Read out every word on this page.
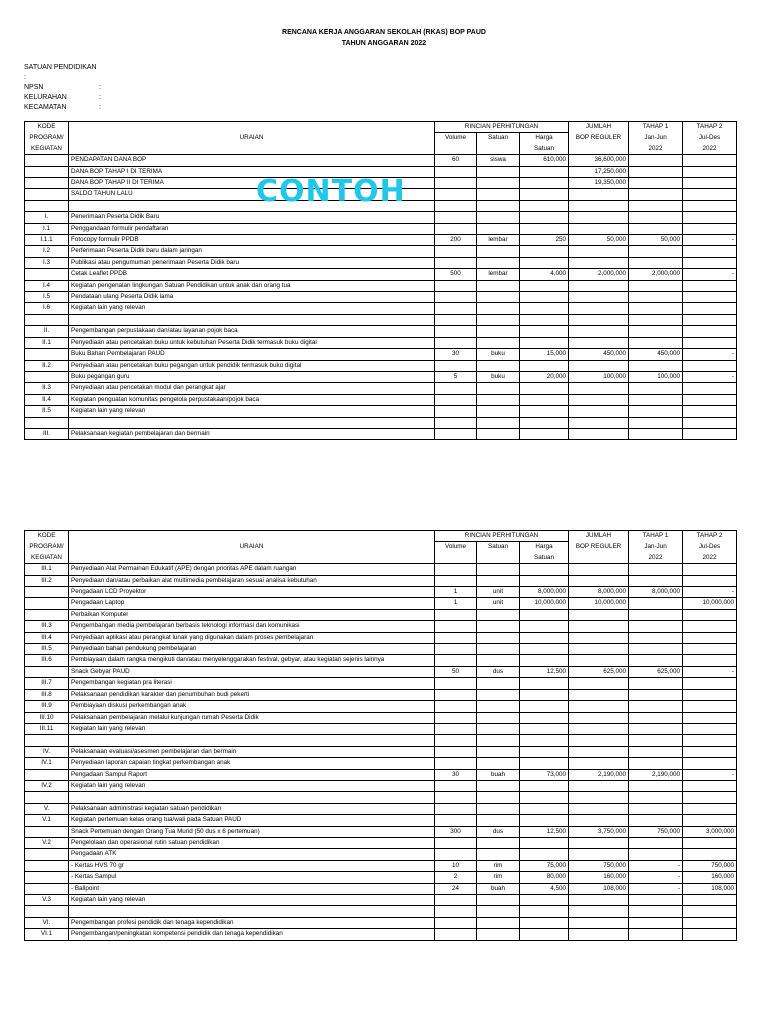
RENCANA KERJA ANGGARAN SEKOLAH (RKAS) BOP PAUD
TAHUN ANGGARAN 2022
SATUAN PENDIDIKAN :
NPSN	:
KELURAHAN	:
KECAMATAN	:
KODE		RINCIAN PERHITUNGAN			JUMLAH	TAHAP 1	TAHAP 2
PROGRAM/	URAIAN	Volume	Satuan	Harga	BOP REGULER	Jan-Jun	Jul-Des
KEGIATAN				Satuan		2022	2022
	PENDAPATAN DANA BOP	60	siswa	610,000	36,600,000		
	DANA BOP TAHAP I DI TERIMA				17,250,000		
	DANA BOP TAHAP II DI TERIMA				19,350,000		
	SALDO TAHUN LALU						

I.	Penerimaan Peserta Didik Baru						
I.1	Penggandaan formulir pendaftaran						
I.1.1	Fotocopy formulir PPDB	200	lembar	250	50,000	50,000	-
I.2	Perferimaan Peserta Didik baru dalam jaringan						
I.3	Publikasi atau pengumuman penerimaan Peserta Didik baru						
	Cetak Leaflet PPDB	500	lembar	4,000	2,000,000	2,000,000	-
I.4	Kegiatan pengenalan lingkungan Satuan Pendidikan untuk anak dan orang tua						
I.5	Pendataan ulang Peserta Didik lama						
I.6	Kegiatan lain yang relevan						

II.	Pengembangan perpustakaan dan/atau layanan pojok baca						
II.1	Penyediaan atau pencetakan buku untuk kebutuhan Peserta Didik termasuk buku digital						
	Buku Bahan Pembelajaran PAUD	30	buku	15,000	450,000	450,000	-
II.2	Penyediaan atau pencetakan buku pegangan untuk pendidik termasuk buku digital						
	Buku pegangan guru	5	buku	20,000	100,000	100,000	-
II.3	Penyediaan atau pencetakan modul dan perangkat ajar						
II.4	Kegiatan penguatan komunitas pengelola perpustakaan/pojok baca						
II.5	Kegiatan lain yang relevan						

III.	Pelaksanaan kegiatan pembelajaran dan bermain						
CONTOH
KODE		RINCIAN PERHITUNGAN			JUMLAH	TAHAP 1	TAHAP 2
PROGRAM/	URAIAN	Volume	Satuan	Harga	BOP REGULER	Jan-Jun	Jul-Des
KEGIATAN				Satuan		2022	2022
III.1	Penyediaan Alat Permainan Edukatif (APE) dengan prioritas APE dalam ruangan						
III.2	Penyediaan dan/atau perbaikan alat multimedia pembelajaran sesuai analisa kebutuhan						
	Pengadaan LCD Proyektor	1	unit	8,000,000	8,000,000	8,000,000	-
	Pengadaan Laptop	1	unit	10,000,000	10,000,000		10,000,000
	Perbaikan Komputer						
III.3	Pengembangan media pembelajaran berbasis teknologi informasi dan komunikasi						
III.4	Penyediaan aplikasi atau perangkat lunak yang digunakan dalam proses pembelajaran						
III.5	Penyediaan bahan pendukung pembelajaran						
III.6	Pembiayaan dalam rangka mengikuti dan/atau menyelenggarakan festival, gebyar, atau kegiatan sejenis lainnya						
	Snack Gebyar PAUD	50	dus	12,500	625,000	625,000	-
III.7	Pengembangan kegiatan pra literasi						
III.8	Pelaksanaan pendidikan karakter dan penumbuhan budi pekerti						
III.9	Pembiayaan diskusi perkembangan anak						
III.10	Pelaksanaan pembelajaran melalui kunjungan rumah Peserta Didik						
III.11	Kegiatan lain yang relevan						

IV.	Pelaksanaan evaluasi/asesmen pembelajaran dan bermain						
IV.1	Penyediaan laporan capaian tingkat perkembangan anak						
	Pengadaan Sampul Raport	30	buah	73,000	2,190,000	2,190,000	-
IV.2	Kegiatan lain yang relevan						

V.	Pelaksanaan administrasi kegiatan satuan pendidikan						
V.1	Kegiatan pertemuan kelas orang tua/wali pada Satuan PAUD						
	Snack Pertemuan dengan Orang Tua Murid (50 dus x 6 pertemuan)	300	dus	12,500	3,750,000	750,000	3,000,000
V.2	Pengelolaan dan operasional rutin satuan pendidikan						
	Pengadaan ATK						
	- Kertas HVS 70 gr	10	rim	75,000	750,000	-	750,000
	- Kertas Sampul	2	rim	80,000	160,000	-	160,000
	- Ballpoint	24	buah	4,500	108,000	-	108,000
V.3	Kegiatan lain yang relevan						

VI.	Pengembangan profesi pendidik dan tenaga kependidikan						
VI.1	Pengembangan/peningkatan kompetensi pendidik dan tenaga kependidikan						
